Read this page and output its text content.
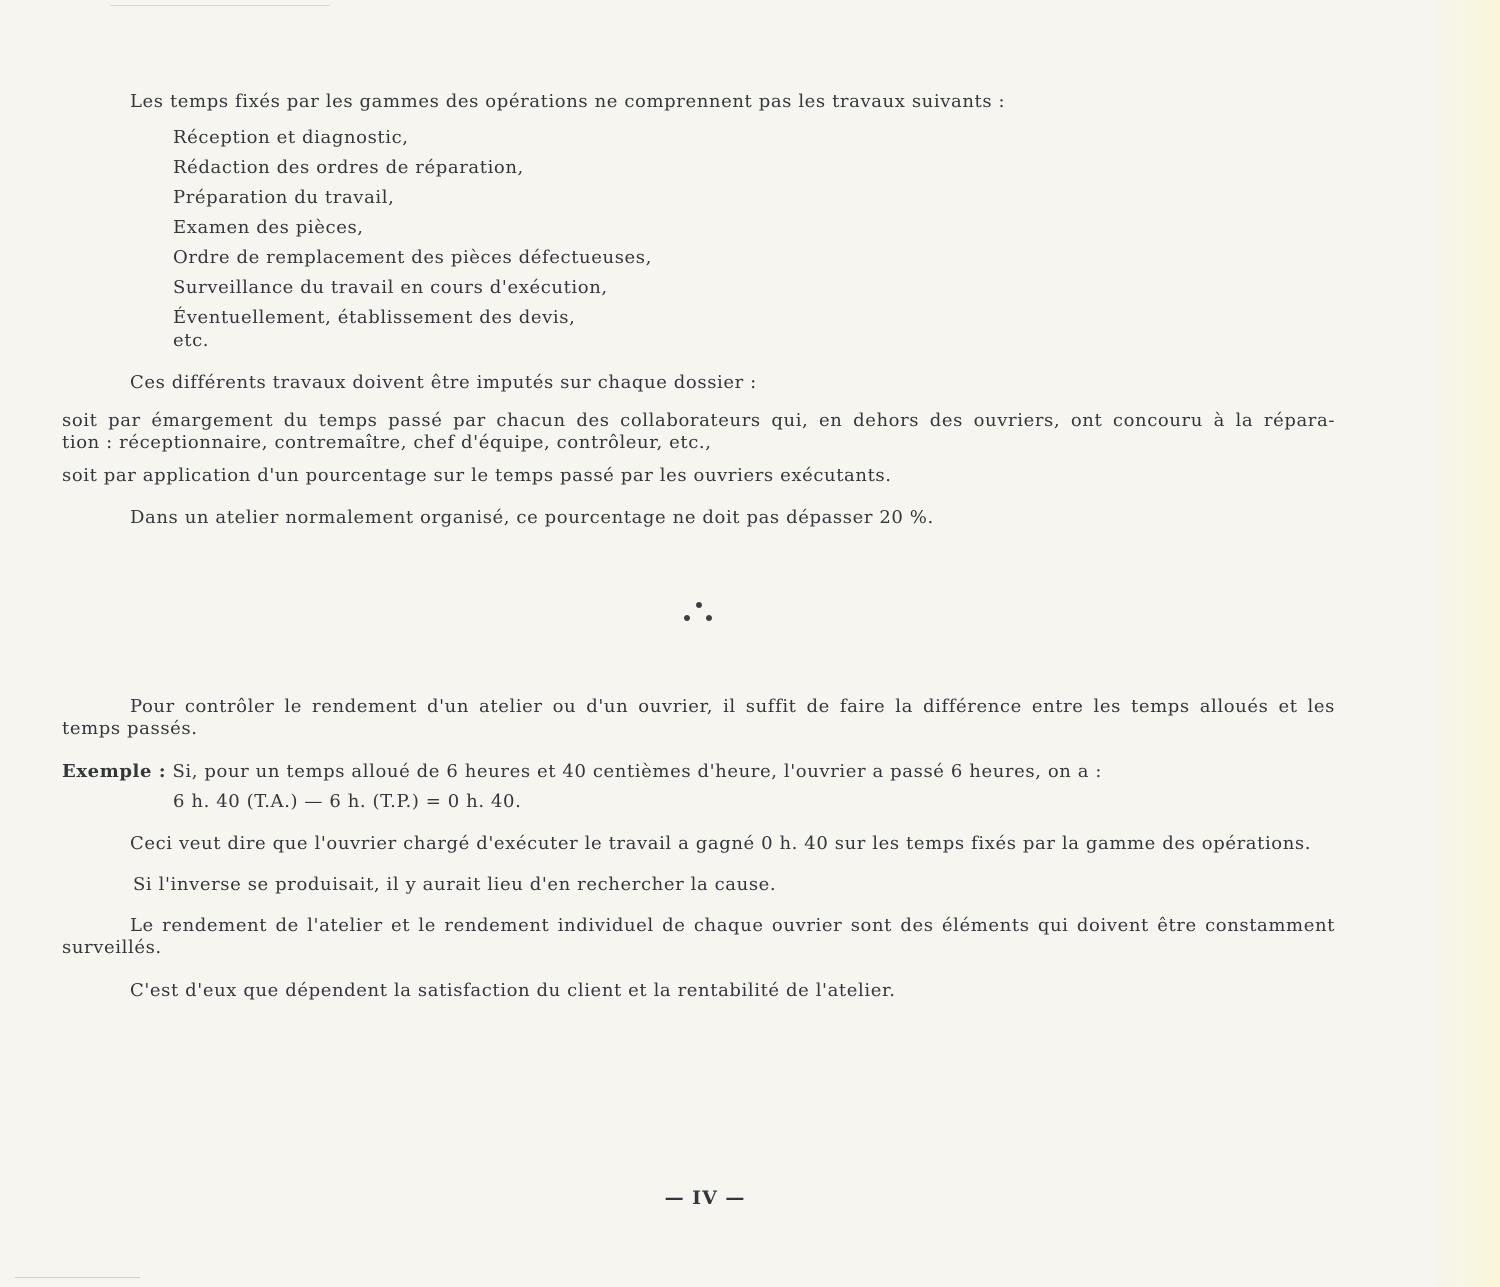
Les temps fixés par les gammes des opérations ne comprennent pas les travaux suivants :
Réception et diagnostic,
Rédaction des ordres de réparation,
Préparation du travail,
Examen des pièces,
Ordre de remplacement des pièces défectueuses,
Surveillance du travail en cours d'exécution,
Éventuellement, établissement des devis,
etc.
Ces différents travaux doivent être imputés sur chaque dossier :
soit par émargement du temps passé par chacun des collaborateurs qui, en dehors des ouvriers, ont concouru à la répara-
tion : réceptionnaire, contremaître, chef d'équipe, contrôleur, etc.,
soit par application d'un pourcentage sur le temps passé par les ouvriers exécutants.
Dans un atelier normalement organisé, ce pourcentage ne doit pas dépasser 20 %.
Pour contrôler le rendement d'un atelier ou d'un ouvrier, il suffit de faire la différence entre les temps alloués et les
temps passés.
Exemple : Si, pour un temps alloué de 6 heures et 40 centièmes d'heure, l'ouvrier a passé 6 heures, on a :
6 h. 40 (T.A.) — 6 h. (T.P.) = 0 h. 40.
Ceci veut dire que l'ouvrier chargé d'exécuter le travail a gagné 0 h. 40 sur les temps fixés par la gamme des opérations.
Si l'inverse se produisait, il y aurait lieu d'en rechercher la cause.
Le rendement de l'atelier et le rendement individuel de chaque ouvrier sont des éléments qui doivent être constamment
surveillés.
C'est d'eux que dépendent la satisfaction du client et la rentabilité de l'atelier.
— IV —
